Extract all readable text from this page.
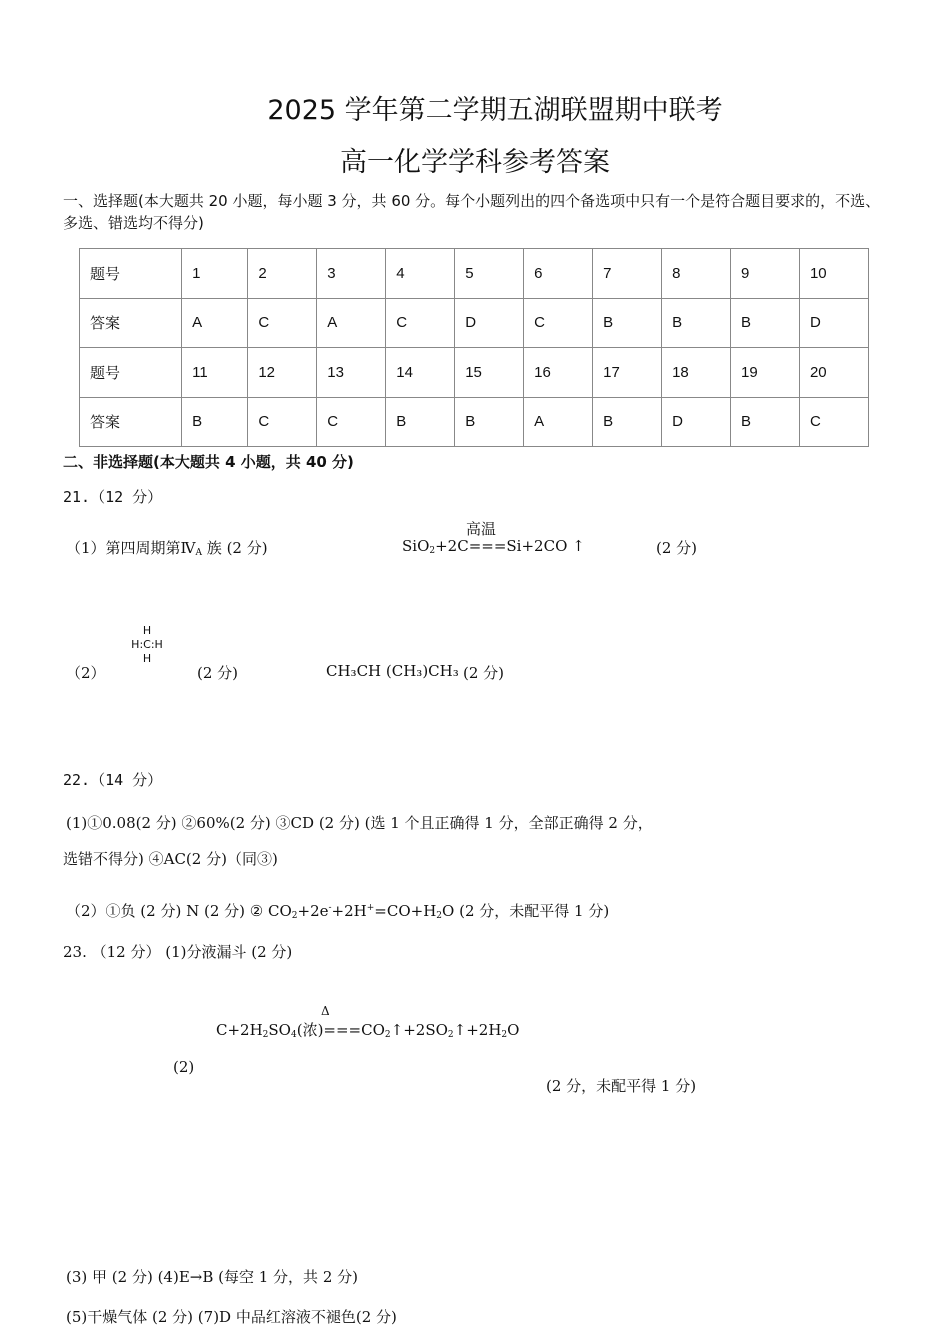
2025 学年第二学期五湖联盟期中联考
高一化学学科参考答案
一、选择题(本大题共 20 小题，每小题 3 分，共 60 分。每个小题列出的四个备选项中只有一个是符合题目要求的，不选、多选、错选均不得分)
题号	1	2	3	4	5	6	7	8	9	10
答案	A	C	A	C	D	C	B	B	B	D
题号	11	12	13	14	15	16	17	18	19	20
答案	B	C	C	B	B	A	B	D	B	C
二、非选择题(本大题共 4 小题，共 40 分)
21.（12 分）
（1）第四周期第$Ⅳ_A$ 族 (2 分)
高温
SiO$_2$+2C===Si+2CO ↑	(2 分)
（2）
H
H:C:H
H
(2 分)	CH₃CH (CH₃)CH₃ (2 分)
22.（14 分）
(1)①0.08(2 分) ②60%(2 分) ③CD (2 分) (选 1 个且正确得 1 分，全部正确得 2 分，
选错不得分) ④AC(2 分)（同③)
（2）①负 (2 分) N (2 分) ② $CO_2+2e^-+2H^+=CO+H_2O$ (2 分，未配平得 1 分)
23. （12 分） (1)分液漏斗 (2 分)
Δ
$C+2H_2SO_4$(浓)$===CO_2↑+2SO_2↑+2H_2O$
(2)
(2 分，未配平得 1 分)
(3) 甲 (2 分) (4)E→B (每空 1 分，共 2 分)
(5)干燥气体 (2 分) (7)D 中品红溶液不褪色(2 分)
